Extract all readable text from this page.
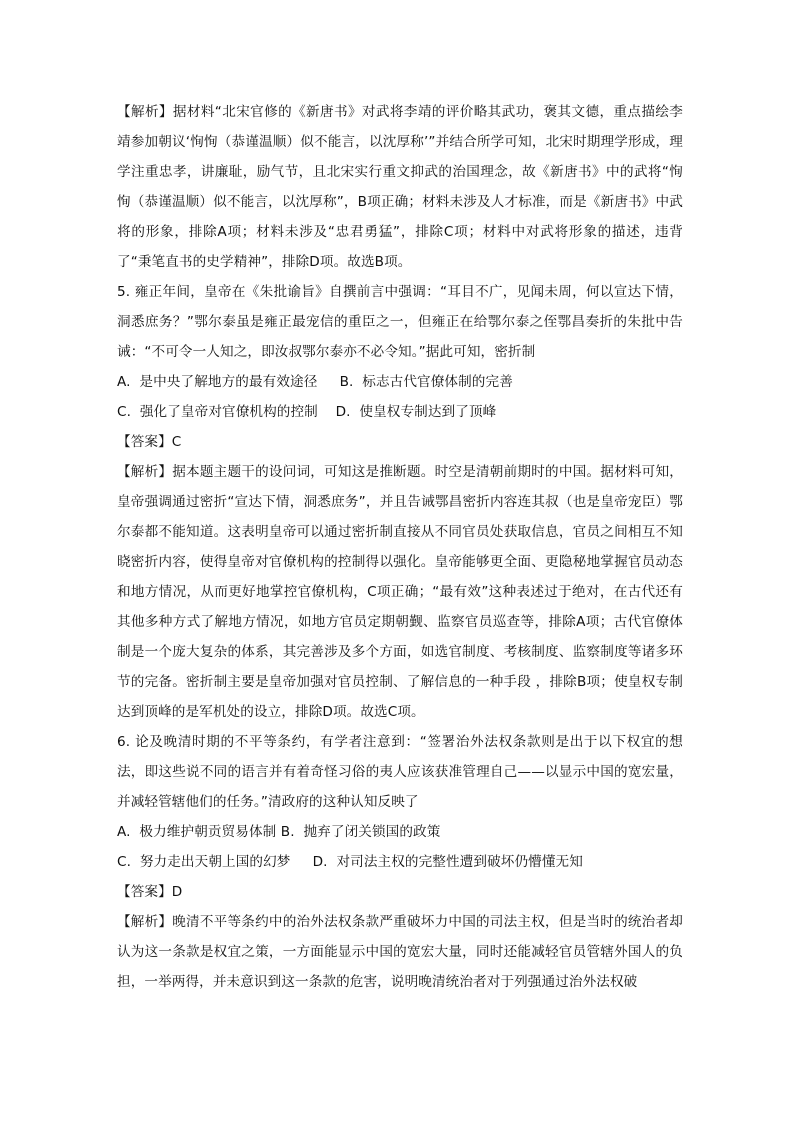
【解析】据材料“北宋官修的《新唐书》对武将李靖的评价略其武功，褒其文德，重点描绘李靖参加朝议‘恂恂（恭谨温顺）似不能言，以沈厚称’”并结合所学可知，北宋时期理学形成，理学注重忠孝，讲廉耻，励气节，且北宋实行重文抑武的治国理念，故《新唐书》中的武将“恂恂（恭谨温顺）似不能言，以沈厚称”，B项正确；材料未涉及人才标准，而是《新唐书》中武将的形象，排除A项；材料未涉及“忠君勇猛”，排除C项；材料中对武将形象的描述，违背了“秉笔直书的史学精神”，排除D项。故选B项。

5. 雍正年间，皇帝在《朱批谕旨》自撰前言中强调：“耳目不广，见闻未周，何以宣达下情，洞悉庶务？”鄂尔泰虽是雍正最宠信的重臣之一，但雍正在给鄂尔泰之侄鄂昌奏折的朱批中告诫：“不可令一人知之，即汝叔鄂尔泰亦不必令知。”据此可知，密折制

A.  是中央了解地方的最有效途径 B.  标志古代官僚体制的完善

C.  强化了皇帝对官僚机构的控制 D.  使皇权专制达到了顶峰

【答案】C

【解析】据本题主题干的设问词，可知这是推断题。时空是清朝前期时的中国。据材料可知，皇帝强调通过密折“宣达下情，洞悉庶务”，并且告诫鄂昌密折内容连其叔（也是皇帝宠臣）鄂尔泰都不能知道。这表明皇帝可以通过密折制直接从不同官员处获取信息，官员之间相互不知晓密折内容，使得皇帝对官僚机构的控制得以强化。皇帝能够更全面、更隐秘地掌握官员动态和地方情况，从而更好地掌控官僚机构，C项正确；“最有效”这种表述过于绝对，在古代还有其他多种方式了解地方情况，如地方官员定期朝觐、监察官员巡查等，排除A项；古代官僚体制是一个庞大复杂的体系，其完善涉及多个方面，如选官制度、考核制度、监察制度等诸多环节的完备。密折制主要是皇帝加强对官员控制、了解信息的一种手段 ，排除B项；使皇权专制达到顶峰的是军机处的设立，排除D项。故选C项。

6. 论及晚清时期的不平等条约，有学者注意到：“签署治外法权条款则是出于以下权宜的想法，即这些说不同的语言并有着奇怪习俗的夷人应该获准管理自己——以显示中国的宽宏量，并减轻管辖他们的任务。”清政府的这种认知反映了

A.  极力维护朝贡贸易体制 B.  抛弃了闭关锁国的政策

C.  努力走出天朝上国的幻梦 D.  对司法主权的完整性遭到破坏仍懵懂无知

【答案】D

【解析】晚清不平等条约中的治外法权条款严重破坏力中国的司法主权，但是当时的统治者却认为这一条款是权宜之策，一方面能显示中国的宽宏大量，同时还能减轻官员管辖外国人的负担，一举两得，并未意识到这一条款的危害，说明晚清统治者对于列强通过治外法权破
